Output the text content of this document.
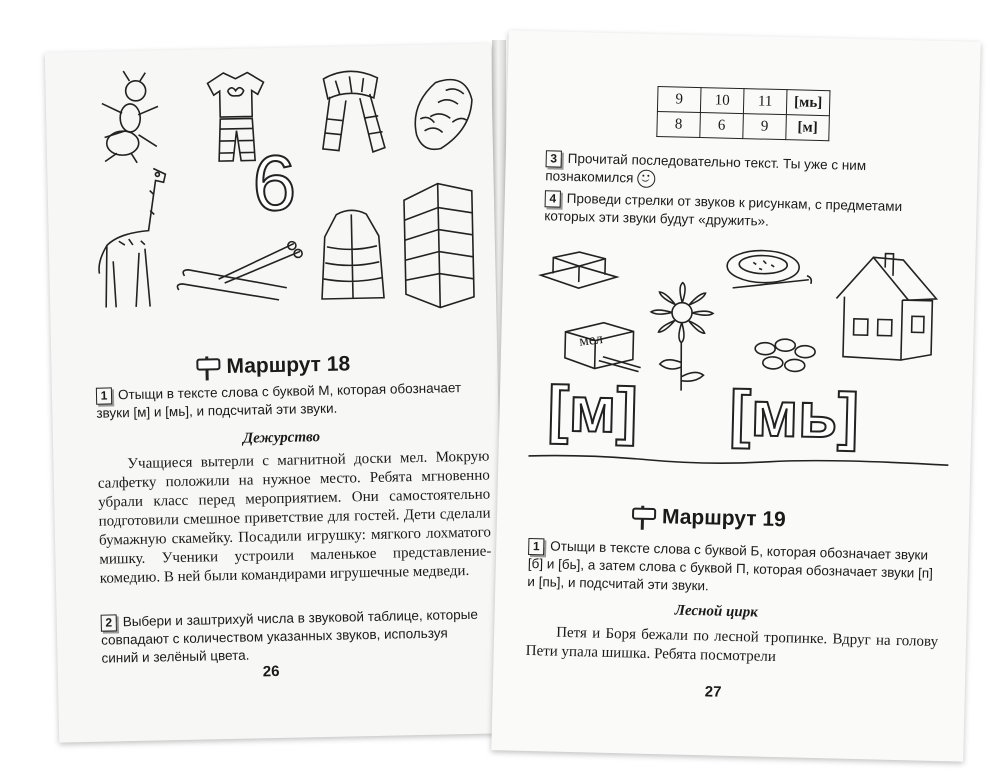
6
Маршрут 18
1 Отыщи в тексте слова с буквой М, которая обозначает звуки [м] и [мь], и подсчитай эти звуки.
Дежурство

Учащиеся вытерли с магнитной доски мел. Мокрую салфетку положили на нужное место. Ребята мгновенно убрали класс перед мероприятием. Они самостоятельно подготовили смешное приветствие для гостей. Дети сделали бумажную скамейку. Посадили игрушку: мягкого лохматого мишку. Ученики устроили маленькое представление-комедию. В ней были командирами игрушечные медведи.

2 Выбери и заштрихуй числа в звуковой таблице, которые совпадают с количеством указанных звуков, используя синий и зелёный цвета.
26
9	10	11	[мь]
8	6	9	[м]
3 Прочитай последовательно текст. Ты уже с ним познакомился
4 Проведи стрелки от звуков к рисункам, с предметами которых эти звуки будут «дружить».
мел
[м] [мь]
Маршрут 19
1 Отыщи в тексте слова с буквой Б, которая обозначает звуки [б] и [бь], а затем слова с буквой П, которая обозначает звуки [п] и [пь], и подсчитай эти звуки.
Лесной цирк

Петя и Боря бежали по лесной тропинке. Вдруг на голову Пети упала шишка. Ребята посмотрели

27
